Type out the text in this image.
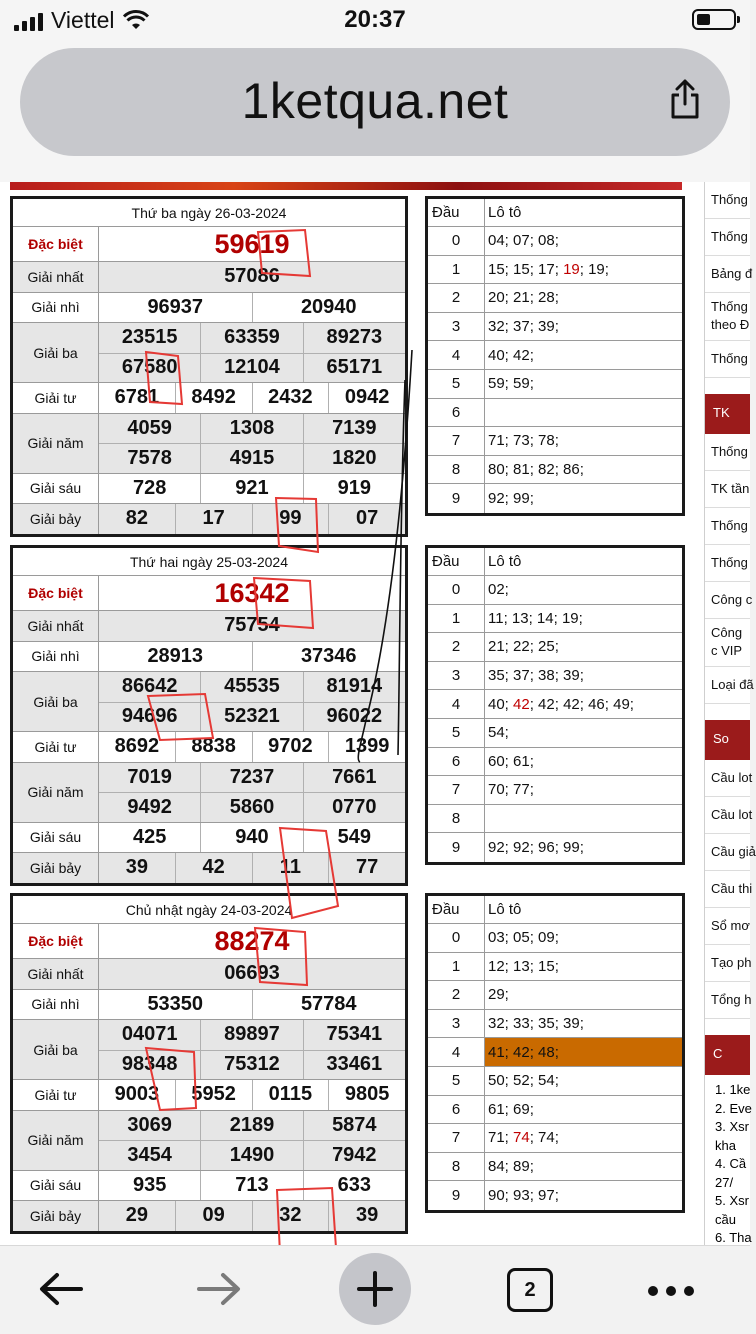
Viettel	20:37
1ketqua.net
Thứ ba ngày 26-03-2024
Đặc biệt	59619
Giải nhất	57086
Giải nhì	96937	20940
Giải ba
23515	63359	89273
67580	12104	65171
Giải tư	6781	8492	2432	0942
Giải năm
4059	1308	7139
7578	4915	1820
Giải sáu	728	921	919
Giải bảy	82	17	99	07
Thứ hai ngày 25-03-2024
Đặc biệt	16342
Giải nhất	75754
Giải nhì	28913	37346
Giải ba
86642	45535	81914
94696	52321	96022
Giải tư	8692	8838	9702	1399
Giải năm
7019	7237	7661
9492	5860	0770
Giải sáu	425	940	549
Giải bảy	39	42	11	77
Chủ nhật ngày 24-03-2024
Đặc biệt	88274
Giải nhất	06693
Giải nhì	53350	57784
Giải ba
04071	89897	75341
98348	75312	33461
Giải tư	9003	5952	0115	9805
Giải năm
3069	2189	5874
3454	1490	7942
Giải sáu	935	713	633
Giải bảy	29	09	32	39
Đầu	Lô tô
0	04; 07; 08;
1	15; 15; 17; 19 ; 19;
2	20; 21; 28;
3	32; 37; 39;
4	40; 42;
5	59; 59;
6
7	71; 73; 78;
8	80; 81; 82; 86;
9	92; 99;
Đầu	Lô tô
0	02;
1	11; 13; 14; 19;
2	21; 22; 25;
3	35; 37; 38; 39;
4	40; 42 ; 42; 42; 46; 49;
5	54;
6	60; 61;
7	70; 77;
8
9	92; 92; 96; 99;
Đầu	Lô tô
0	03; 05; 09;
1	12; 13; 15;
2	29;
3	32; 33; 35; 39;
4	41; 42; 48;
5	50; 52; 54;
6	61; 69;
7	71; 74 ; 74;
8	84; 89;
9	90; 93; 97;
Thống
Thống
Bảng đ
Thống theo Đ
Thống
TK
Thống
TK tần
Thống
Thống
Công c
Công c VIP
Loại đã
So
Cầu lot
Cầu lot
Cầu giả
Cầu thi
Sổ mơ
Tạo ph
Tổng h
C
1. 1ke
2. Eve
3. Xsr
kha
4. Cầ
27/
5. Xsr
cầu
6. Tha
2
